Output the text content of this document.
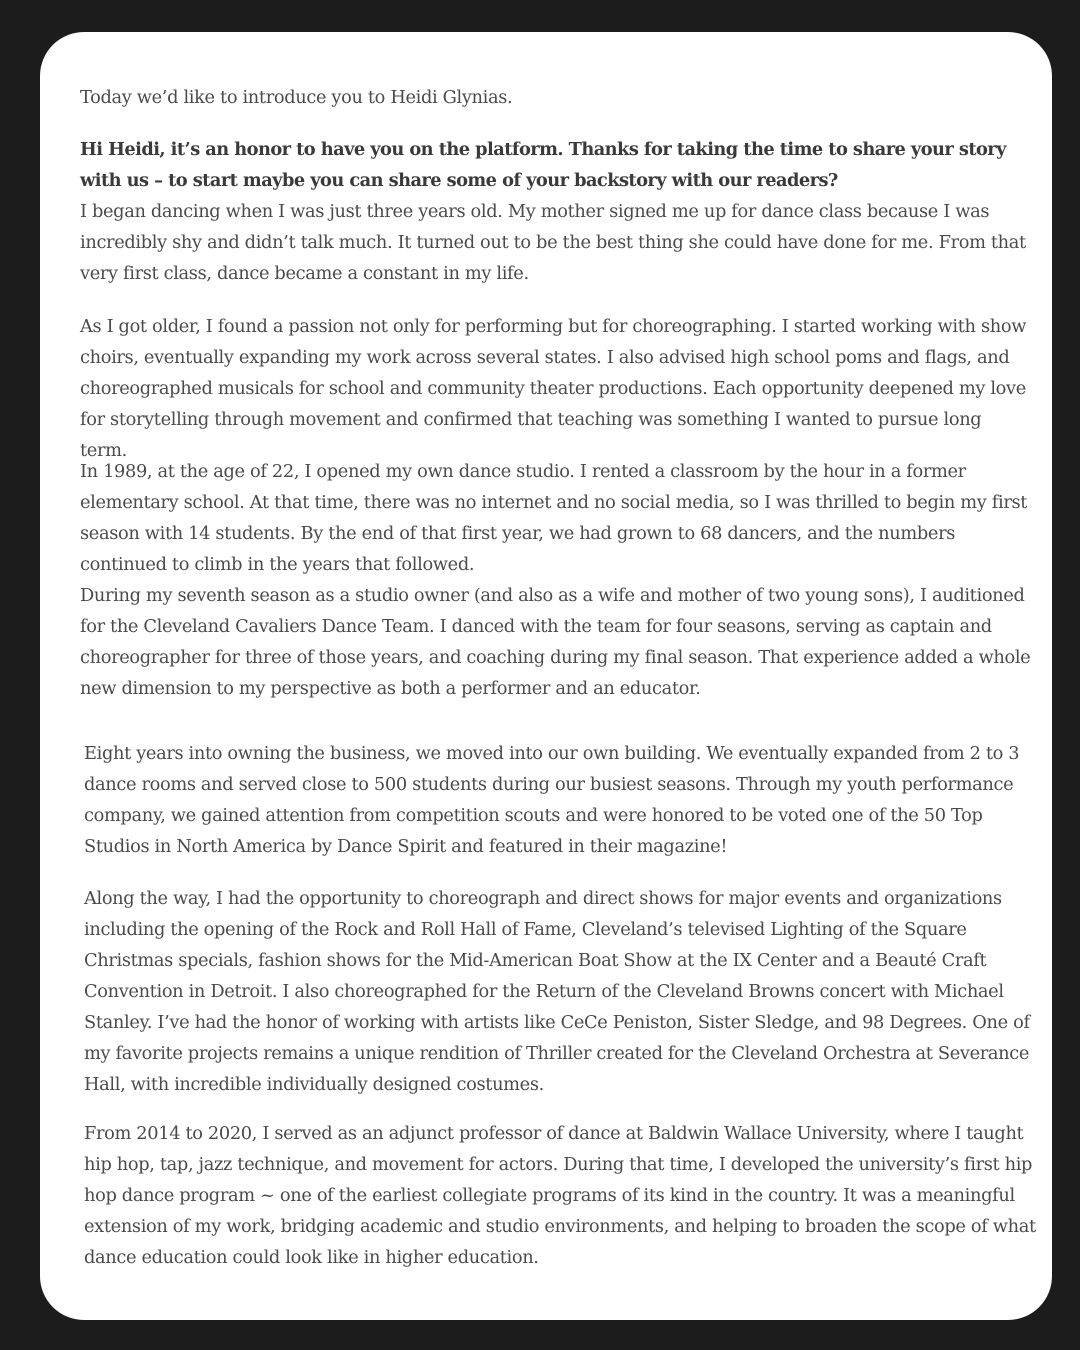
Today we’d like to introduce you to Heidi Glynias.

Hi Heidi, it’s an honor to have you on the platform. Thanks for taking the time to share your story with us – to start maybe you can share some of your backstory with our readers?

I began dancing when I was just three years old. My mother signed me up for dance class because I was incredibly shy and didn’t talk much. It turned out to be the best thing she could have done for me. From that very first class, dance became a constant in my life.

As I got older, I found a passion not only for performing but for choreographing. I started working with show choirs, eventually expanding my work across several states. I also advised high school poms and flags, and choreographed musicals for school and community theater productions. Each opportunity deepened my love for storytelling through movement and confirmed that teaching was something I wanted to pursue long term.

In 1989, at the age of 22, I opened my own dance studio. I rented a classroom by the hour in a former elementary school. At that time, there was no internet and no social media, so I was thrilled to begin my first season with 14 students. By the end of that first year, we had grown to 68 dancers, and the numbers continued to climb in the years that followed.

During my seventh season as a studio owner (and also as a wife and mother of two young sons), I auditioned for the Cleveland Cavaliers Dance Team. I danced with the team for four seasons, serving as captain and choreographer for three of those years, and coaching during my final season. That experience added a whole new dimension to my perspective as both a performer and an educator.

Eight years into owning the business, we moved into our own building. We eventually expanded from 2 to 3 dance rooms and served close to 500 students during our busiest seasons. Through my youth performance company, we gained attention from competition scouts and were honored to be voted one of the 50 Top Studios in North America by Dance Spirit and featured in their magazine!

Along the way, I had the opportunity to choreograph and direct shows for major events and organizations including the opening of the Rock and Roll Hall of Fame, Cleveland’s televised Lighting of the Square Christmas specials, fashion shows for the Mid-American Boat Show at the IX Center and a Beauté Craft Convention in Detroit. I also choreographed for the Return of the Cleveland Browns concert with Michael Stanley. I’ve had the honor of working with artists like CeCe Peniston, Sister Sledge, and 98 Degrees. One of my favorite projects remains a unique rendition of Thriller created for the Cleveland Orchestra at Severance Hall, with incredible individually designed costumes.

From 2014 to 2020, I served as an adjunct professor of dance at Baldwin Wallace University, where I taught hip hop, tap, jazz technique, and movement for actors. During that time, I developed the university’s first hip hop dance program ~ one of the earliest collegiate programs of its kind in the country. It was a meaningful extension of my work, bridging academic and studio environments, and helping to broaden the scope of what dance education could look like in higher education.
